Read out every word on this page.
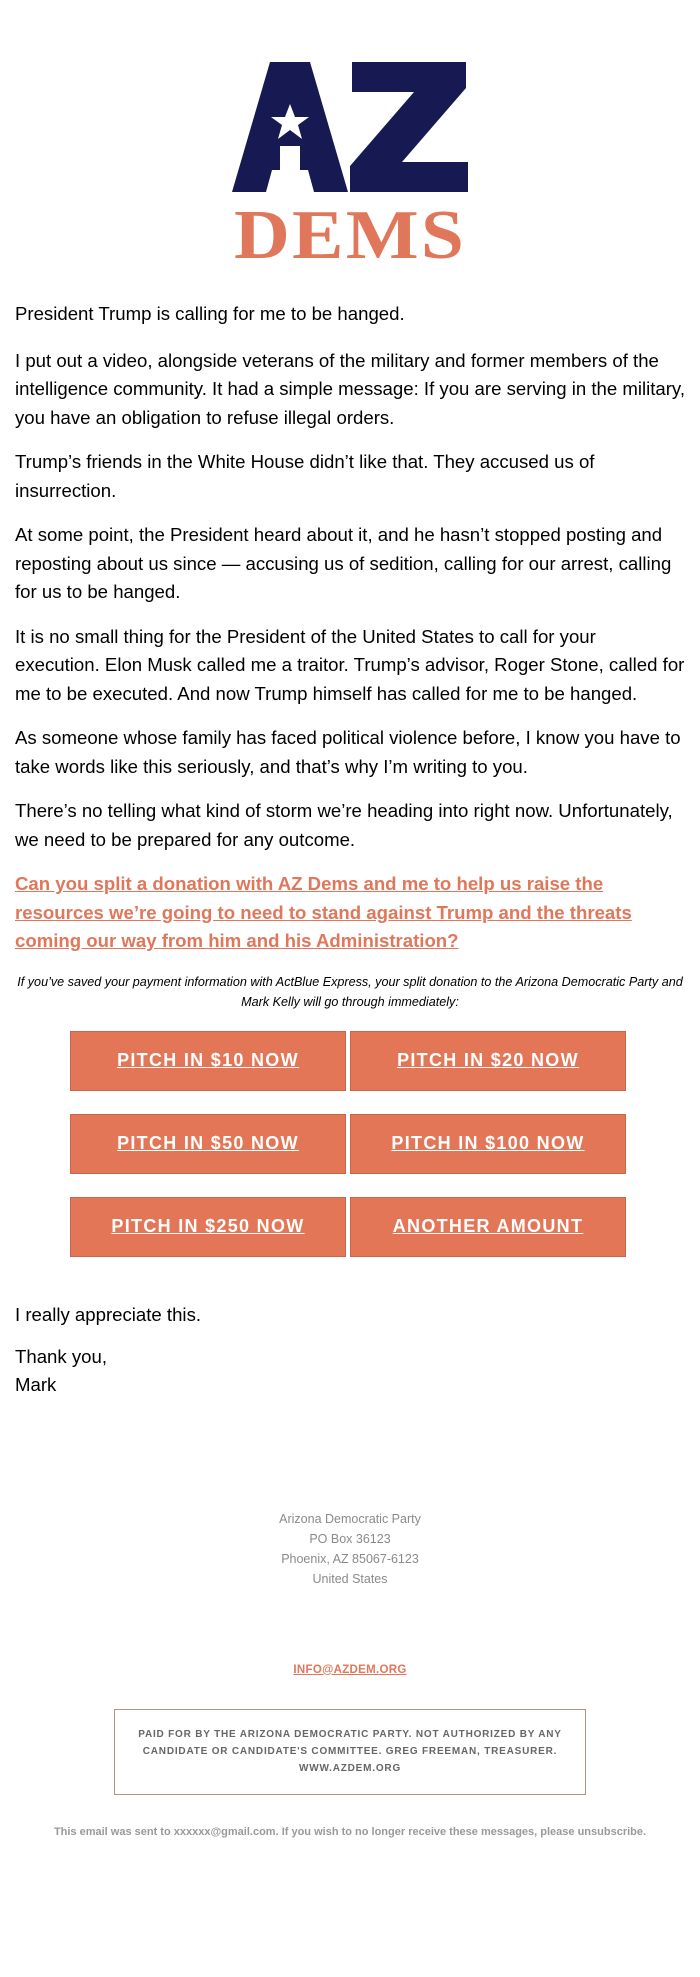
DEMS

President Trump is calling for me to be hanged.

I put out a video, alongside veterans of the military and former members of the intelligence community. It had a simple message: If you are serving in the military, you have an obligation to refuse illegal orders.

Trump’s friends in the White House didn’t like that. They accused us of insurrection.

At some point, the President heard about it, and he hasn’t stopped posting and reposting about us since — accusing us of sedition, calling for our arrest, calling for us to be hanged.

It is no small thing for the President of the United States to call for your execution. Elon Musk called me a traitor. Trump’s advisor, Roger Stone, called for me to be executed. And now Trump himself has called for me to be hanged.

As someone whose family has faced political violence before, I know you have to take words like this seriously, and that’s why I’m writing to you.

There’s no telling what kind of storm we’re heading into right now. Unfortunately, we need to be prepared for any outcome.

Can you split a donation with AZ Dems and me to help us raise the resources we’re going to need to stand against Trump and the threats coming our way from him and his Administration?

If you’ve saved your payment information with ActBlue Express, your split donation to the Arizona Democratic Party and Mark Kelly will go through immediately:

PITCH IN $10 NOW	PITCH IN $20 NOW
PITCH IN $50 NOW	PITCH IN $100 NOW
PITCH IN $250 NOW	ANOTHER AMOUNT

I really appreciate this.

Thank you,
Mark

Arizona Democratic Party
PO Box 36123
Phoenix, AZ 85067-6123
United States
INFO@AZDEM.ORG
PAID FOR BY THE ARIZONA DEMOCRATIC PARTY. NOT AUTHORIZED BY ANY CANDIDATE OR CANDIDATE'S COMMITTEE. GREG FREEMAN, TREASURER. WWW.AZDEM.ORG

This email was sent to xxxxxx@gmail.com. If you wish to no longer receive these messages, please unsubscribe.
